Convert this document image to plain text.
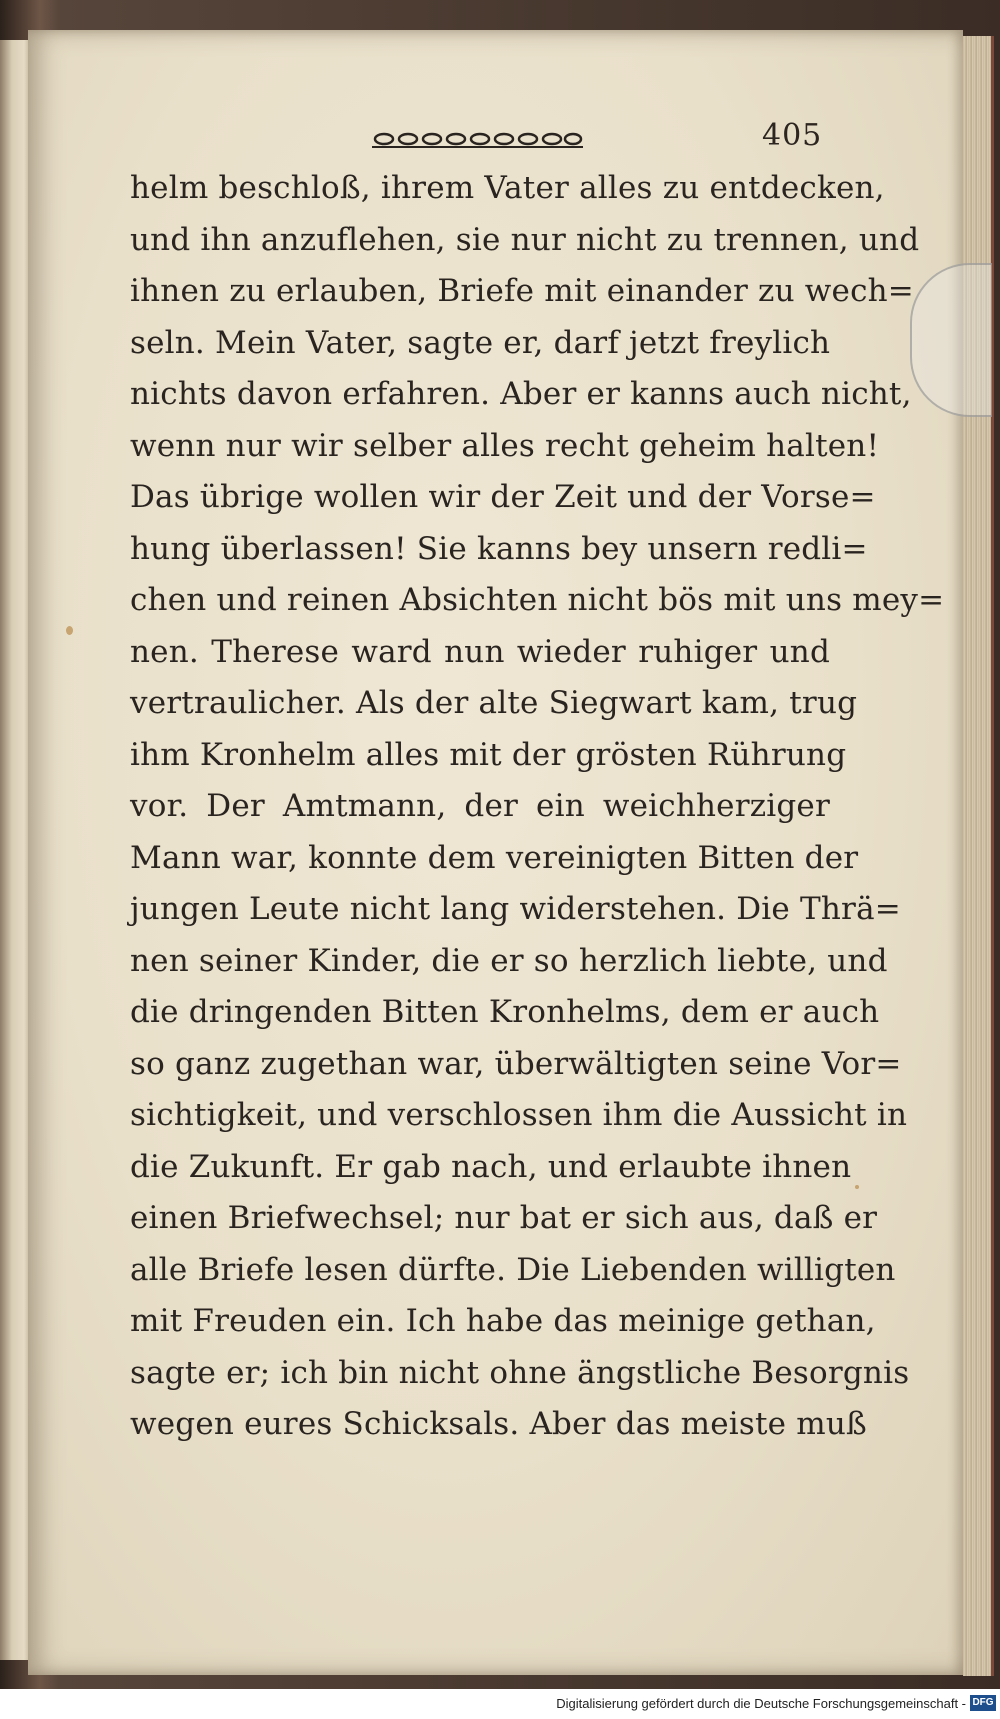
405
helm beschloß, ihrem Vater alles zu entdecken,
und ihn anzuflehen, sie nur nicht zu trennen, und
ihnen zu erlauben, Briefe mit einander zu wech=
seln. Mein Vater, sagte er, darf jetzt freylich
nichts davon erfahren. Aber er kanns auch nicht,
wenn nur wir selber alles recht geheim halten!
Das übrige wollen wir der Zeit und der Vorse=
hung überlassen! Sie kanns bey unsern redli=
chen und reinen Absichten nicht bös mit uns mey=
nen. Therese ward nun wieder ruhiger und
vertraulicher. Als der alte Siegwart kam, trug
ihm Kronhelm alles mit der grösten Rührung
vor. Der Amtmann, der ein weichherziger
Mann war, konnte dem vereinigten Bitten der
jungen Leute nicht lang widerstehen. Die Thrä=
nen seiner Kinder, die er so herzlich liebte, und
die dringenden Bitten Kronhelms, dem er auch
so ganz zugethan war, überwältigten seine Vor=
sichtigkeit, und verschlossen ihm die Aussicht in
die Zukunft. Er gab nach, und erlaubte ihnen
einen Briefwechsel; nur bat er sich aus, daß er
alle Briefe lesen dürfte. Die Liebenden willigten
mit Freuden ein. Ich habe das meinige gethan,
sagte er; ich bin nicht ohne ängstliche Besorgnis
wegen eures Schicksals. Aber das meiste muß
Digitalisierung gefördert durch die Deutsche Forschungsgemeinschaft - DFG
